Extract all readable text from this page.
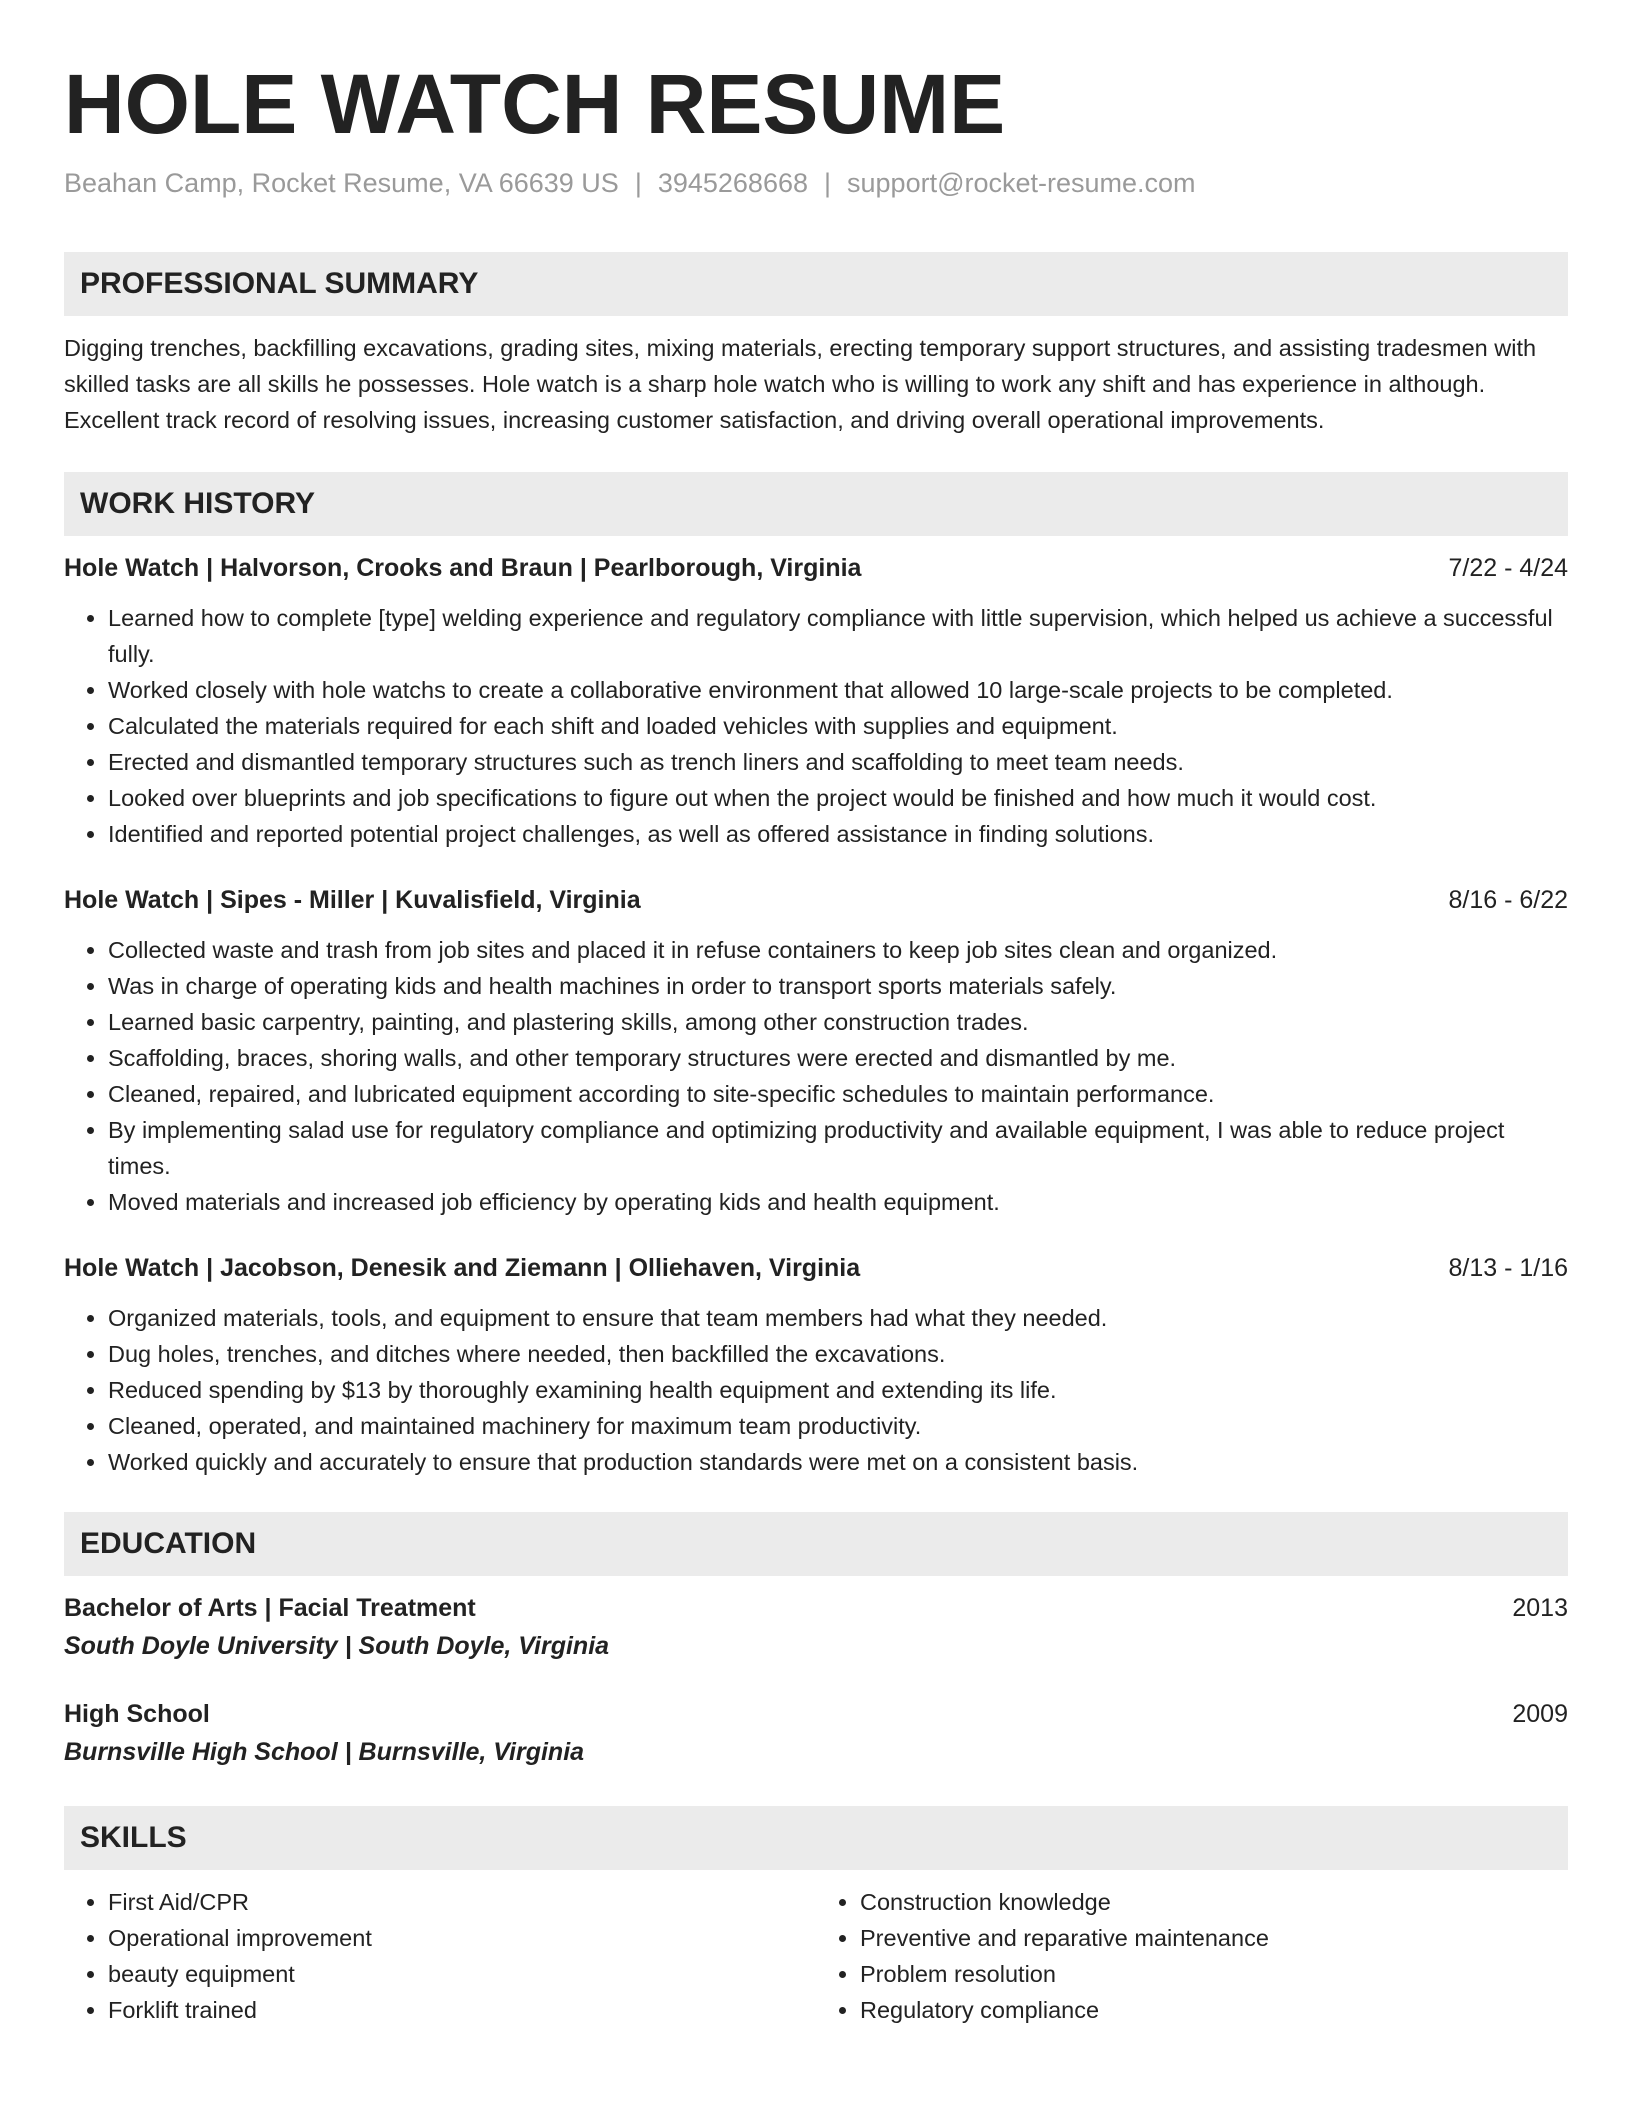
HOLE WATCH RESUME
Beahan Camp, Rocket Resume, VA 66639 US | 3945268668 | support@rocket-resume.com
PROFESSIONAL SUMMARY
Digging trenches, backfilling excavations, grading sites, mixing materials, erecting temporary support structures, and assisting tradesmen with skilled tasks are all skills he possesses. Hole watch is a sharp hole watch who is willing to work any shift and has experience in although. Excellent track record of resolving issues, increasing customer satisfaction, and driving overall operational improvements.
WORK HISTORY
Hole Watch | Halvorson, Crooks and Braun | Pearlborough, Virginia	7/22 - 4/24
• Learned how to complete [type] welding experience and regulatory compliance with little supervision, which helped us achieve a successful fully.
• Worked closely with hole watchs to create a collaborative environment that allowed 10 large-scale projects to be completed.
• Calculated the materials required for each shift and loaded vehicles with supplies and equipment.
• Erected and dismantled temporary structures such as trench liners and scaffolding to meet team needs.
• Looked over blueprints and job specifications to figure out when the project would be finished and how much it would cost.
• Identified and reported potential project challenges, as well as offered assistance in finding solutions.
Hole Watch | Sipes - Miller | Kuvalisfield, Virginia	8/16 - 6/22
• Collected waste and trash from job sites and placed it in refuse containers to keep job sites clean and organized.
• Was in charge of operating kids and health machines in order to transport sports materials safely.
• Learned basic carpentry, painting, and plastering skills, among other construction trades.
• Scaffolding, braces, shoring walls, and other temporary structures were erected and dismantled by me.
• Cleaned, repaired, and lubricated equipment according to site-specific schedules to maintain performance.
• By implementing salad use for regulatory compliance and optimizing productivity and available equipment, I was able to reduce project times.
• Moved materials and increased job efficiency by operating kids and health equipment.
Hole Watch | Jacobson, Denesik and Ziemann | Olliehaven, Virginia	8/13 - 1/16
• Organized materials, tools, and equipment to ensure that team members had what they needed.
• Dug holes, trenches, and ditches where needed, then backfilled the excavations.
• Reduced spending by $13 by thoroughly examining health equipment and extending its life.
• Cleaned, operated, and maintained machinery for maximum team productivity.
• Worked quickly and accurately to ensure that production standards were met on a consistent basis.
EDUCATION
Bachelor of Arts | Facial Treatment	2013
South Doyle University | South Doyle, Virginia
High School	2009
Burnsville High School | Burnsville, Virginia
SKILLS
• First Aid/CPR
• Operational improvement
• beauty equipment
• Forklift trained
• Construction knowledge
• Preventive and reparative maintenance
• Problem resolution
• Regulatory compliance
